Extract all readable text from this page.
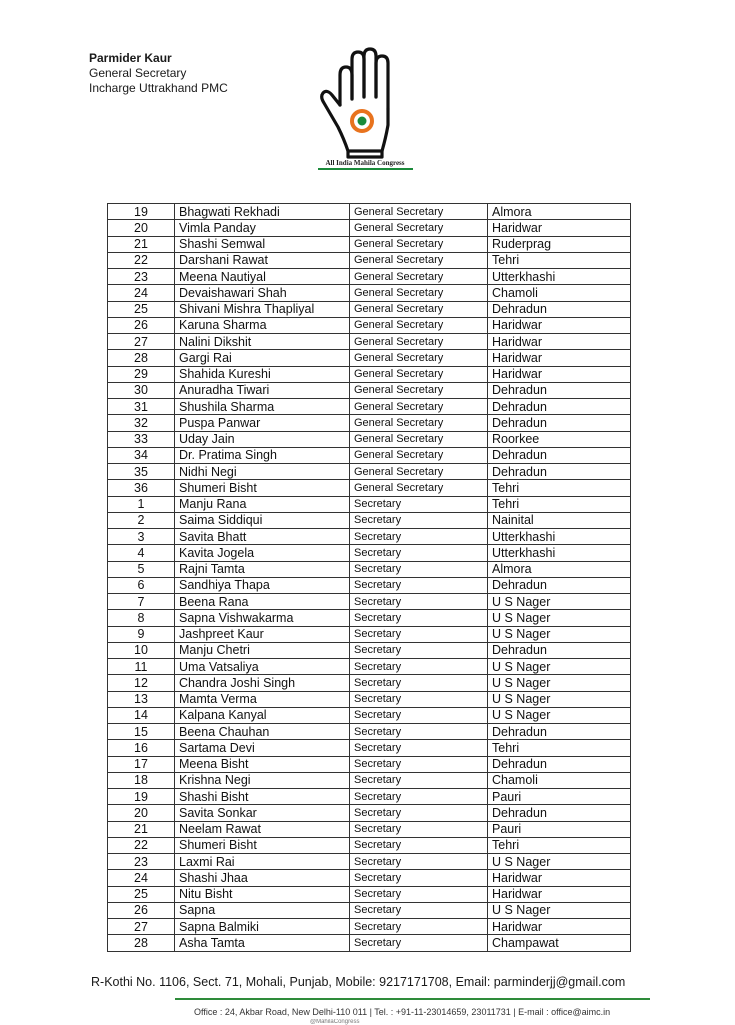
Parmider Kaur
General Secretary
Incharge Uttrakhand PMC
All India Mahila Congress
19	Bhagwati Rekhadi	General Secretary	Almora
20	Vimla Panday	General Secretary	Haridwar
21	Shashi Semwal	General Secretary	Ruderprag
22	Darshani Rawat	General Secretary	Tehri
23	Meena Nautiyal	General Secretary	Utterkhashi
24	Devaishawari Shah	General Secretary	Chamoli
25	Shivani Mishra Thapliyal	General Secretary	Dehradun
26	Karuna Sharma	General Secretary	Haridwar
27	Nalini Dikshit	General Secretary	Haridwar
28	Gargi Rai	General Secretary	Haridwar
29	Shahida Kureshi	General Secretary	Haridwar
30	Anuradha Tiwari	General Secretary	Dehradun
31	Shushila Sharma	General Secretary	Dehradun
32	Puspa Panwar	General Secretary	Dehradun
33	Uday Jain	General Secretary	Roorkee
34	Dr. Pratima Singh	General Secretary	Dehradun
35	Nidhi Negi	General Secretary	Dehradun
36	Shumeri Bisht	General Secretary	Tehri
1	Manju Rana	Secretary	Tehri
2	Saima Siddiqui	Secretary	Nainital
3	Savita Bhatt	Secretary	Utterkhashi
4	Kavita Jogela	Secretary	Utterkhashi
5	Rajni Tamta	Secretary	Almora
6	Sandhiya Thapa	Secretary	Dehradun
7	Beena Rana	Secretary	U S Nager
8	Sapna Vishwakarma	Secretary	U S Nager
9	Jashpreet Kaur	Secretary	U S Nager
10	Manju Chetri	Secretary	Dehradun
11	Uma Vatsaliya	Secretary	U S Nager
12	Chandra Joshi Singh	Secretary	U S Nager
13	Mamta Verma	Secretary	U S Nager
14	Kalpana Kanyal	Secretary	U S Nager
15	Beena Chauhan	Secretary	Dehradun
16	Sartama Devi	Secretary	Tehri
17	Meena Bisht	Secretary	Dehradun
18	Krishna Negi	Secretary	Chamoli
19	Shashi Bisht	Secretary	Pauri
20	Savita Sonkar	Secretary	Dehradun
21	Neelam Rawat	Secretary	Pauri
22	Shumeri Bisht	Secretary	Tehri
23	Laxmi Rai	Secretary	U S Nager
24	Shashi Jhaa	Secretary	Haridwar
25	Nitu Bisht	Secretary	Haridwar
26	Sapna	Secretary	U S Nager
27	Sapna Balmiki	Secretary	Haridwar
28	Asha Tamta	Secretary	Champawat
R-Kothi No. 1106, Sect. 71, Mohali, Punjab, Mobile: 9217171708, Email: parminderjj@gmail.com
Office : 24, Akbar Road, New Delhi-110 011 | Tel. : +91-11-23014659, 23011731 | E-mail : office@aimc.in
@MahilaCongress
